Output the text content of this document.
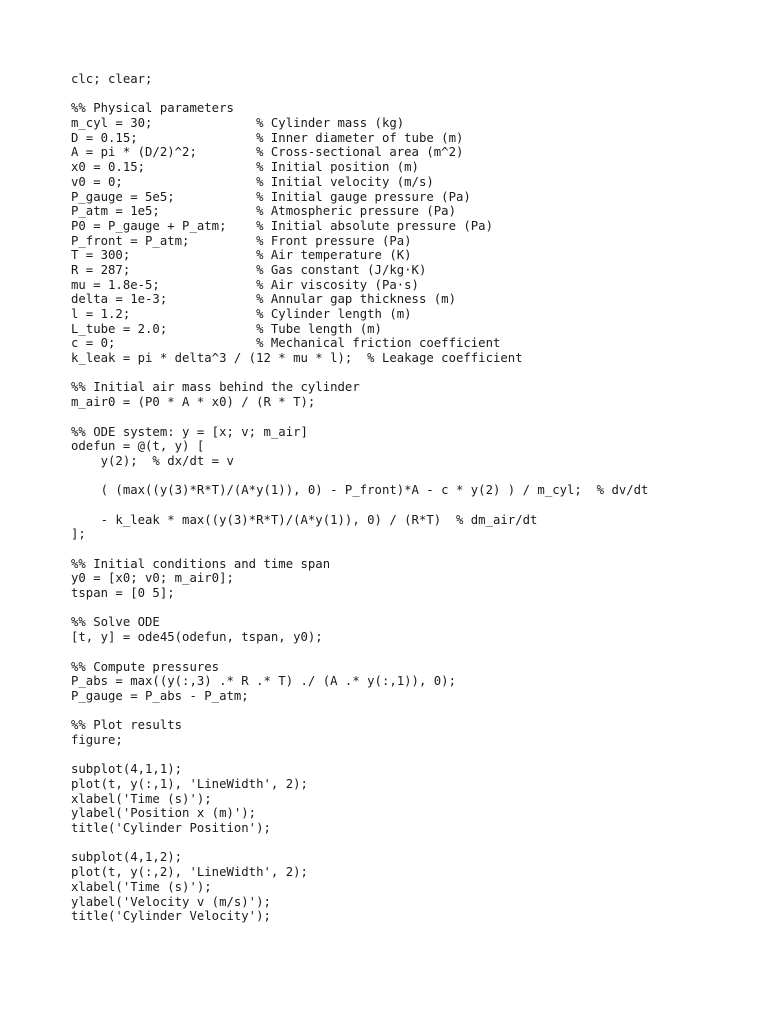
clc; clear;
%% Physical parameters
m_cyl = 30;              % Cylinder mass (kg)
D = 0.15;                % Inner diameter of tube (m)
A = pi * (D/2)^2;        % Cross-sectional area (m^2)
x0 = 0.15;               % Initial position (m)
v0 = 0;                  % Initial velocity (m/s)
P_gauge = 5e5;           % Initial gauge pressure (Pa)
P_atm = 1e5;             % Atmospheric pressure (Pa)
P0 = P_gauge + P_atm;    % Initial absolute pressure (Pa)
P_front = P_atm;         % Front pressure (Pa)
T = 300;                 % Air temperature (K)
R = 287;                 % Gas constant (J/kg·K)
mu = 1.8e-5;             % Air viscosity (Pa·s)
delta = 1e-3;            % Annular gap thickness (m)
l = 1.2;                 % Cylinder length (m)
L_tube = 2.0;            % Tube length (m)
c = 0;                   % Mechanical friction coefficient
k_leak = pi * delta^3 / (12 * mu * l);  % Leakage coefficient
%% Initial air mass behind the cylinder
m_air0 = (P0 * A * x0) / (R * T);
%% ODE system: y = [x; v; m_air]
odefun = @(t, y) [
y(2);  % dx/dt = v
( (max((y(3)*R*T)/(A*y(1)), 0) - P_front)*A - c * y(2) ) / m_cyl;  % dv/dt
- k_leak * max((y(3)*R*T)/(A*y(1)), 0) / (R*T)  % dm_air/dt
];
%% Initial conditions and time span
y0 = [x0; v0; m_air0];
tspan = [0 5];
%% Solve ODE
[t, y] = ode45(odefun, tspan, y0);
%% Compute pressures
P_abs = max((y(:,3) .* R .* T) ./ (A .* y(:,1)), 0);
P_gauge = P_abs - P_atm;
%% Plot results
figure;
subplot(4,1,1);
plot(t, y(:,1), 'LineWidth', 2);
xlabel('Time (s)');
ylabel('Position x (m)');
title('Cylinder Position');
subplot(4,1,2);
plot(t, y(:,2), 'LineWidth', 2);
xlabel('Time (s)');
ylabel('Velocity v (m/s)');
title('Cylinder Velocity');
